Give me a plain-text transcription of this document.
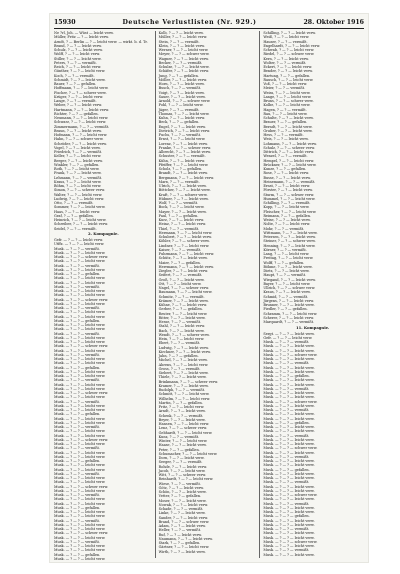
15930	Deutsche Verlustlisten (Nr. 929.)	28. Oktober 1916
Ne ?rl, Joh. — Wüst — leicht verw.
Müller, Fritz — ? — leicht verw.
Arndt, ? — Berlin — ? — leicht verw. — wirkt. b. d. Tr.
Brand, ? — ? — leicht verw.
Schulz, ? — ? — leicht verw.
Wolff, ? — ? — leicht verw.
Stiller, ? — ? — leicht verw.
Peters, ? — ? — vermißt.
Reich, ? — ? — leicht verw.
Günther, ? — ? — leicht verw.
Koch, ? — ? — vermißt.
Schmidt, ? — ? — leicht verw.
Bauer, ? — ? — gefallen.
Hoffmann, ? — ? — leicht verw.
Fischer, ? — ? — schwer verw.
Krüger, ? — ? — leicht verw.
Lange, ? — ? — vermißt.
Weber, ? — ? — leicht verw.
Hartmann, ? — ? — leicht verw.
Richter, ? — ? — gefallen.
Neumann, ? — ? — leicht verw.
Schwarz, ? — ? — leicht verw.
Zimmermann, ? — ? — vermißt.
Braun, ? — ? — leicht verw.
Hofmann, ? — ? — leicht verw.
Hahn, ? — ? — schwer verw.
Schröder, ? — ? — leicht verw.
Vogel, ? — ? — leicht verw.
Friedrich, ? — ? — vermißt.
Keller, ? — ? — leicht verw.
Berger, ? — ? — leicht verw.
Winkler, ? — ? — gefallen.
Roth, ? — ? — leicht verw.
Frank, ? — ? — leicht verw.
Lehmann, ? — ? — vermißt.
Kraus, ? — ? — leicht verw.
Böhm, ? — ? — leicht verw.
Simon, ? — ? — schwer verw.
Walter, ? — ? — leicht verw.
Ludwig, ? — ? — leicht verw.
Otto, ? — ? — vermißt.
Sommer, ? — ? — leicht verw.
Haas, ? — ? — leicht verw.
Graf, ? — ? — gefallen.
Heinrich, ? — ? — leicht verw.
Schreiber, ? — ? — leicht verw.
Seidel, ? — ? — vermißt.
2. Kompagnie.
Gefr. — ? — ? — leicht verw.
Utffz. — ? — ? — leicht verw.
Musk. — ? — ? — vermißt.
Musk. — ? — ? — leicht verw.
Musk. — ? — ? — schwer verw.
Musk. — ? — ? — leicht verw.
Musk. — ? — ? — vermißt.
Musk. — ? — ? — leicht verw.
Musk. — ? — ? — gefallen.
Musk. — ? — ? — leicht verw.
Musk. — ? — ? — leicht verw.
Musk. — ? — ? — vermißt.
Musk. — ? — ? — leicht verw.
Musk. — ? — ? — leicht verw.
Musk. — ? — ? — schwer verw.
Musk. — ? — ? — leicht verw.
Musk. — ? — ? — vermißt.
Musk. — ? — ? — leicht verw.
Musk. — ? — ? — leicht verw.
Musk. — ? — ? — gefallen.
Musk. — ? — ? — leicht verw.
Musk. — ? — ? — leicht verw.
Musk. — ? — ? — vermißt.
Musk. — ? — ? — leicht verw.
Musk. — ? — ? — leicht verw.
Musk. — ? — ? — schwer verw.
Musk. — ? — ? — leicht verw.
Musk. — ? — ? — vermißt.
Musk. — ? — ? — leicht verw.
Musk. — ? — ? — leicht verw.
Musk. — ? — ? — gefallen.
Musk. — ? — ? — leicht verw.
Musk. — ? — ? — leicht verw.
Musk. — ? — ? — vermißt.
Musk. — ? — ? — leicht verw.
Musk. — ? — ? — leicht verw.
Musk. — ? — ? — schwer verw.
Musk. — ? — ? — leicht verw.
Musk. — ? — ? — vermißt.
Musk. — ? — ? — leicht verw.
Musk. — ? — ? — leicht verw.
Musk. — ? — ? — gefallen.
Musk. — ? — ? — leicht verw.
Musk. — ? — ? — leicht verw.
Musk. — ? — ? — vermißt.
Musk. — ? — ? — leicht verw.
Musk. — ? — ? — leicht verw.
Musk. — ? — ? — schwer verw.
Musk. — ? — ? — leicht verw.
Musk. — ? — ? — vermißt.
Musk. — ? — ? — leicht verw.
Musk. — ? — ? — leicht verw.
Musk. — ? — ? — gefallen.
Musk. — ? — ? — leicht verw.
Musk. — ? — ? — leicht verw.
Musk. — ? — ? — vermißt.
Musk. — ? — ? — leicht verw.
Musk. — ? — ? — leicht verw.
Musk. — ? — ? — schwer verw.
Musk. — ? — ? — leicht verw.
Musk. — ? — ? — vermißt.
Musk. — ? — ? — leicht verw.
Musk. — ? — ? — leicht verw.
Musk. — ? — ? — gefallen.
Musk. — ? — ? — leicht verw.
Musk. — ? — ? — leicht verw.
Musk. — ? — ? — vermißt.
Musk. — ? — ? — leicht verw.
Musk. — ? — ? — leicht verw.
Musk. — ? — ? — schwer verw.
Musk. — ? — ? — leicht verw.
Musk. — ? — ? — vermißt.
Musk. — ? — ? — leicht verw.
Musk. — ? — ? — leicht verw.
Musk. — ? — ? — gefallen.
Musk. — ? — ? — leicht verw.
Kolb, ? — ? — leicht verw.
Müller, ? — ? — leicht verw.
Stein, ? — ? — vermißt.
Klein, ? — ? — leicht verw.
Werner, ? — ? — leicht verw.
Meyer, ? — ? — schwer verw.
Wagner, ? — ? — leicht verw.
Becker, ? — ? — vermißt.
Schulze, ? — ? — leicht verw.
Schäfer, ? — ? — leicht verw.
Jung, ? — ? — gefallen.
Möller, ? — ? — leicht verw.
Horn, ? — ? — leicht verw.
Busch, ? — ? — vermißt.
Voigt, ? — ? — leicht verw.
Sauer, ? — ? — leicht verw.
Arnold, ? — ? — schwer verw.
Pohl, ? — ? — leicht verw.
Jäger, ? — ? — vermißt.
Thomas, ? — ? — leicht verw.
Kuhn, ? — ? — leicht verw.
Beck, ? — ? — gefallen.
Engel, ? — ? — leicht verw.
Dietrich, ? — ? — leicht verw.
Fuchs, ? — ? — vermißt.
Ernst, ? — ? — leicht verw.
Lorenz, ? — ? — leicht verw.
Franke, ? — ? — schwer verw.
Albrecht, ? — ? — leicht verw.
Schuster, ? — ? — vermißt.
Kühn, ? — ? — leicht verw.
Pfeiffer, ? — ? — leicht verw.
Scholz, ? — ? — gefallen.
Brandt, ? — ? — leicht verw.
Bergmann, ? — ? — leicht verw.
Marx, ? — ? — vermißt.
Ulrich, ? — ? — leicht verw.
Böttcher, ? — ? — leicht verw.
Kraft, ? — ? — schwer verw.
Hübner, ? — ? — leicht verw.
Wolf, ? — ? — vermißt.
Bock, ? — ? — leicht verw.
Mayer, ? — ? — leicht verw.
Paul, ? — ? — gefallen.
Kurz, ? — ? — leicht verw.
Heinz, ? — ? — leicht verw.
Thiel, ? — ? — vermißt.
Hermann, ? — ? — leicht verw.
Schubert, ? — ? — leicht verw.
Köhler, ? — ? — schwer verw.
Lindner, ? — ? — leicht verw.
Kaiser, ? — ? — vermißt.
Fuhrmann, ? — ? — leicht verw.
Schütz, ? — ? — leicht verw.
Maier, ? — ? — gefallen.
Herrmann, ? — ? — leicht verw.
Ziegler, ? — ? — leicht verw.
Seifert, ? — ? — vermißt.
Groß, ? — ? — leicht verw.
Ott, ? — ? — leicht verw.
Nagel, ? — ? — schwer verw.
Baumann, ? — ? — leicht verw.
Schmitz, ? — ? — vermißt.
Krämer, ? — ? — leicht verw.
Kühne, ? — ? — leicht verw.
Gerber, ? — ? — gefallen.
Reuter, ? — ? — leicht verw.
Ritter, ? — ? — leicht verw.
Hesse, ? — ? — vermißt.
Stahl, ? — ? — leicht verw.
Bach, ? — ? — leicht verw.
Wendt, ? — ? — schwer verw.
Hein, ? — ? — leicht verw.
Ebert, ? — ? — vermißt.
Ludwig, ? — ? — leicht verw.
Kirchner, ? — ? — leicht verw.
Jahn, ? — ? — gefallen.
Michel, ? — ? — leicht verw.
Ahrens, ? — ? — leicht verw.
Gross, ? — ? — vermißt.
Siebert, ? — ? — leicht verw.
Thiele, ? — ? — leicht verw.
Brinkmann, ? — ? — schwer verw.
Kramer, ? — ? — leicht verw.
Rudolph, ? — ? — vermißt.
Schmitt, ? — ? — leicht verw.
Wilhelm, ? — ? — leicht verw.
Martin, ? — ? — gefallen.
Fritz, ? — ? — leicht verw.
Arndt, ? — ? — leicht verw.
Schenk, ? — ? — vermißt.
Beyer, ? — ? — leicht verw.
Hansen, ? — ? — leicht verw.
Lenz, ? — ? — schwer verw.
Gebhardt, ? — ? — leicht verw.
Kunz, ? — ? — vermißt.
Winter, ? — ? — leicht verw.
Haase, ? — ? — leicht verw.
Peter, ? — ? — gefallen.
Schumacher, ? — ? — leicht verw.
Dorn, ? — ? — leicht verw.
Seeger, ? — ? — vermißt.
Rohde, ? — ? — leicht verw.
Jacob, ? — ? — leicht verw.
Witt, ? — ? — schwer verw.
Reinhardt, ? — ? — leicht verw.
Wiese, ? — ? — vermißt.
Götz, ? — ? — leicht verw.
Schön, ? — ? — leicht verw.
Vetter, ? — ? — gefallen.
Moser, ? — ? — leicht verw.
Nowak, ? — ? — leicht verw.
Schade, ? — ? — vermißt.
Linke, ? — ? — leicht verw.
Sander, ? — ? — leicht verw.
Brand, ? — ? — schwer verw.
Adam, ? — ? — leicht verw.
Heller, ? — ? — vermißt.
Ruf, ? — ? — leicht verw.
Naumann, ? — ? — leicht verw.
Stark, ? — ? — gefallen.
Gärtner, ? — ? — leicht verw.
Wirth, ? — ? — leicht verw.
Schilling, ? — ? — leicht verw.
Weiß, ? — ? — leicht verw.
Hauser, ? — ? — vermißt.
Engelhardt, ? — ? — leicht verw.
Schwab, ? — ? — leicht verw.
Riedel, ? — ? — schwer verw.
Kern, ? — ? — leicht verw.
Wolter, ? — ? — vermißt.
Eckert, ? — ? — leicht verw.
Bender, ? — ? — leicht verw.
Hartung, ? — ? — gefallen.
Rausch, ? — ? — leicht verw.
Voß, ? — ? — leicht verw.
Meier, ? — ? — vermißt.
Weiss, ? — ? — leicht verw.
Lange, ? — ? — leicht verw.
Bruns, ? — ? — schwer verw.
Kolbe, ? — ? — leicht verw.
Hagen, ? — ? — vermißt.
Rau, ? — ? — leicht verw.
Schulte, ? — ? — leicht verw.
Brauer, ? — ? — gefallen.
Berndt, ? — ? — leicht verw.
Gruber, ? — ? — leicht verw.
Hess, ? — ? — vermißt.
Weis, ? — ? — leicht verw.
Lohmann, ? — ? — leicht verw.
Schulz, ? — ? — schwer verw.
Dittrich, ? — ? — leicht verw.
Wenzel, ? — ? — vermißt.
Hempel, ? — ? — leicht verw.
Brückner, ? — ? — leicht verw.
Kunze, ? — ? — gefallen.
Rose, ? — ? — leicht verw.
Busse, ? — ? — leicht verw.
Heinemann, ? — ? — vermißt.
Ernst, ? — ? — leicht verw.
Förster, ? — ? — leicht verw.
Sturm, ? — ? — schwer verw.
Hummel, ? — ? — leicht verw.
Schilling, ? — ? — vermißt.
Kopp, ? — ? — leicht verw.
Fleischer, ? — ? — leicht verw.
Reimann, ? — ? — gefallen.
Weise, ? — ? — leicht verw.
Nolte, ? — ? — leicht verw.
Mohr, ? — ? — vermißt.
Wittmann, ? — ? — leicht verw.
Petersen, ? — ? — leicht verw.
Steiner, ? — ? — schwer verw.
Henning, ? — ? — leicht verw.
Körner, ? — ? — vermißt.
Lang, ? — ? — leicht verw.
Freitag, ? — ? — leicht verw.
Wolff, ? — ? — gefallen.
Böhme, ? — ? — leicht verw.
Dietz, ? — ? — leicht verw.
Haupt, ? — ? — vermißt.
Wiegand, ? — ? — leicht verw.
Bayer, ? — ? — leicht verw.
Ullrich, ? — ? — schwer verw.
Kraus, ? — ? — leicht verw.
Schmid, ? — ? — vermißt.
Jürgens, ? — ? — leicht verw.
Brunner, ? — ? — leicht verw.
Fiedler, ? — ? — gefallen.
Schramm, ? — ? — leicht verw.
Scherer, ? — ? — leicht verw.
Marquardt, ? — ? — vermißt.
11. Kompagnie.
Sergt. — ? — ? — leicht verw.
Gefr. — ? — ? — leicht verw.
Musk. — ? — ? — vermißt.
Musk. — ? — ? — leicht verw.
Musk. — ? — ? — leicht verw.
Musk. — ? — ? — schwer verw.
Musk. — ? — ? — leicht verw.
Musk. — ? — ? — vermißt.
Musk. — ? — ? — leicht verw.
Musk. — ? — ? — leicht verw.
Musk. — ? — ? — gefallen.
Musk. — ? — ? — leicht verw.
Musk. — ? — ? — leicht verw.
Musk. — ? — ? — vermißt.
Musk. — ? — ? — leicht verw.
Musk. — ? — ? — leicht verw.
Musk. — ? — ? — schwer verw.
Musk. — ? — ? — leicht verw.
Musk. — ? — ? — vermißt.
Musk. — ? — ? — leicht verw.
Musk. — ? — ? — leicht verw.
Musk. — ? — ? — gefallen.
Musk. — ? — ? — leicht verw.
Musk. — ? — ? — leicht verw.
Musk. — ? — ? — vermißt.
Musk. — ? — ? — leicht verw.
Musk. — ? — ? — leicht verw.
Musk. — ? — ? — schwer verw.
Musk. — ? — ? — leicht verw.
Musk. — ? — ? — vermißt.
Musk. — ? — ? — leicht verw.
Musk. — ? — ? — leicht verw.
Musk. — ? — ? — gefallen.
Musk. — ? — ? — leicht verw.
Musk. — ? — ? — leicht verw.
Musk. — ? — ? — vermißt.
Musk. — ? — ? — leicht verw.
Musk. — ? — ? — leicht verw.
Musk. — ? — ? — schwer verw.
Musk. — ? — ? — leicht verw.
Musk. — ? — ? — vermißt.
Musk. — ? — ? — leicht verw.
Musk. — ? — ? — leicht verw.
Musk. — ? — ? — gefallen.
Musk. — ? — ? — leicht verw.
Musk. — ? — ? — leicht verw.
Musk. — ? — ? — vermißt.
Musk. — ? — ? — leicht verw.
Musk. — ? — ? — leicht verw.
Musk. — ? — ? — schwer verw.
Musk. — ? — ? — leicht verw.
Musk. — ? — ? — vermißt.
Musk. — ? — ? — leicht verw.
